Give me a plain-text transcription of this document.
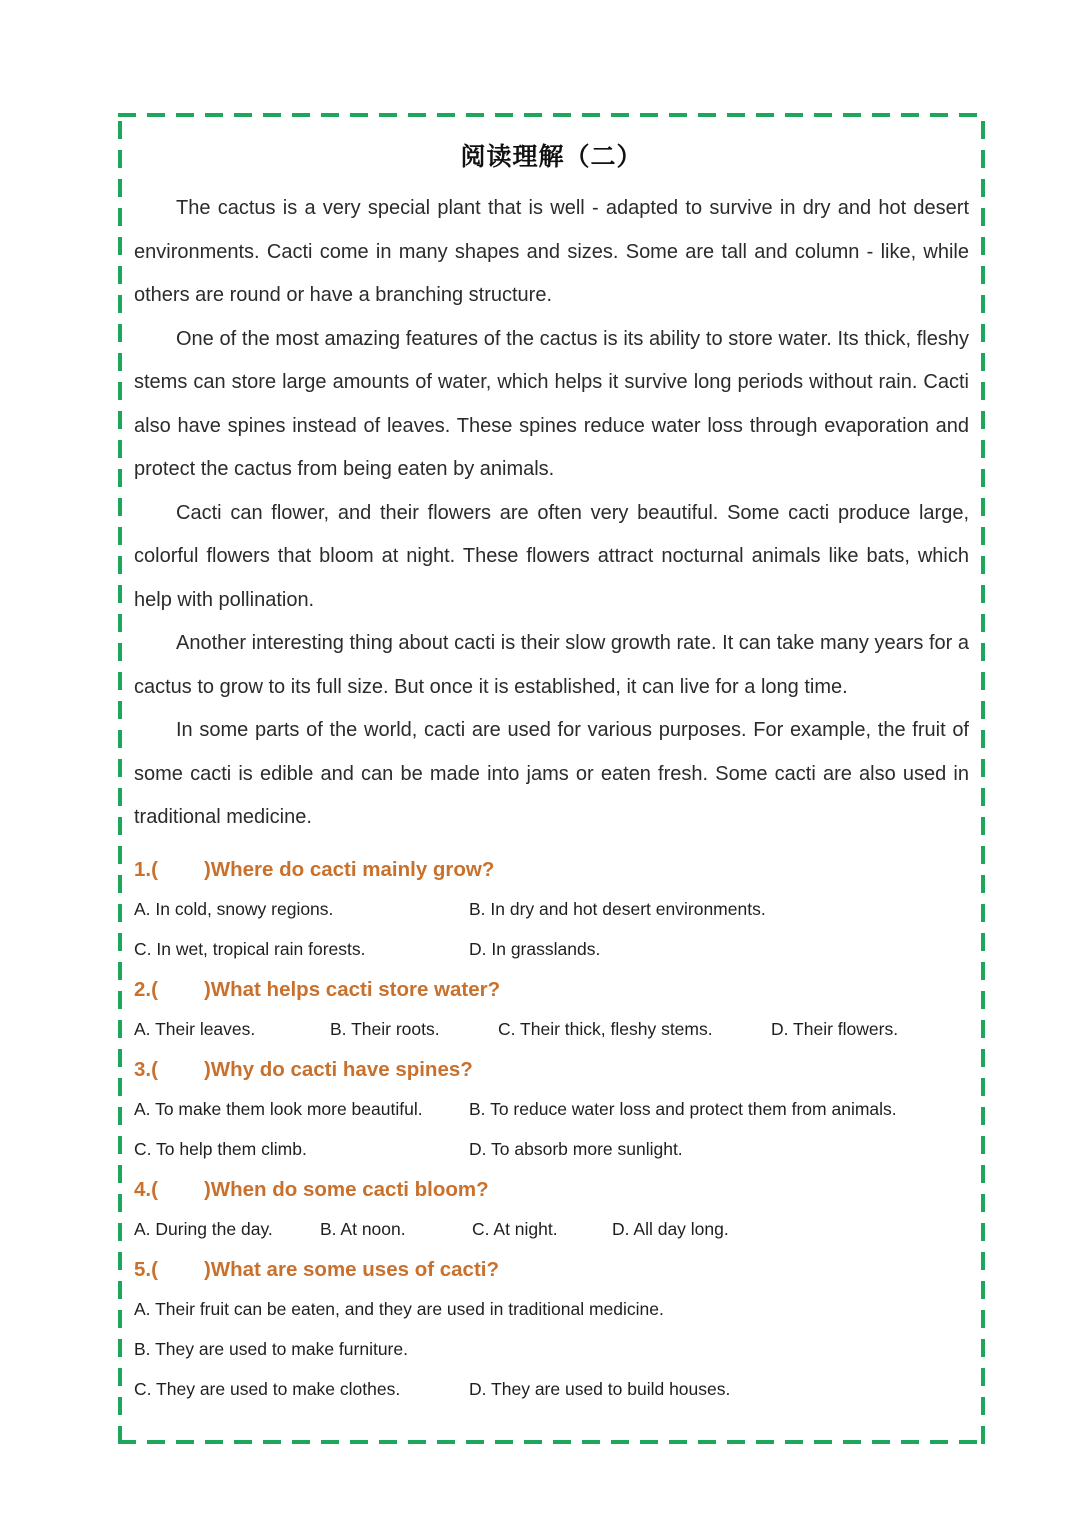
阅读理解（二）

The cactus is a very special plant that is well - adapted to survive in dry and hot desert environments. Cacti come in many shapes and sizes. Some are tall and column - like, while others are round or have a branching structure.

One of the most amazing features of the cactus is its ability to store water. Its thick, fleshy stems can store large amounts of water, which helps it survive long periods without rain. Cacti also have spines instead of leaves. These spines reduce water loss through evaporation and protect the cactus from being eaten by animals.

Cacti can flower, and their flowers are often very beautiful. Some cacti produce large, colorful flowers that bloom at night. These flowers attract nocturnal animals like bats, which help with pollination.

Another interesting thing about cacti is their slow growth rate. It can take many years for a cactus to grow to its full size. But once it is established, it can live for a long time.

In some parts of the world, cacti are used for various purposes. For example, the fruit of some cacti is edible and can be made into jams or eaten fresh. Some cacti are also used in traditional medicine.

1.( )Where do cacti mainly grow?
A. In cold, snowy regions.	B. In dry and hot desert environments.
C. In wet, tropical rain forests.	D. In grasslands.
2.( )What helps cacti store water?
A. Their leaves.	B. Their roots.	C. Their thick, fleshy stems.	D. Their flowers.
3.( )Why do cacti have spines?
A. To make them look more beautiful.	B. To reduce water loss and protect them from animals.
C. To help them climb.	D. To absorb more sunlight.
4.( )When do some cacti bloom?
A. During the day.	B. At noon.	C. At night.	D. All day long.
5.( )What are some uses of cacti?
A. Their fruit can be eaten, and they are used in traditional medicine.
B. They are used to make furniture.
C. They are used to make clothes.	D. They are used to build houses.
